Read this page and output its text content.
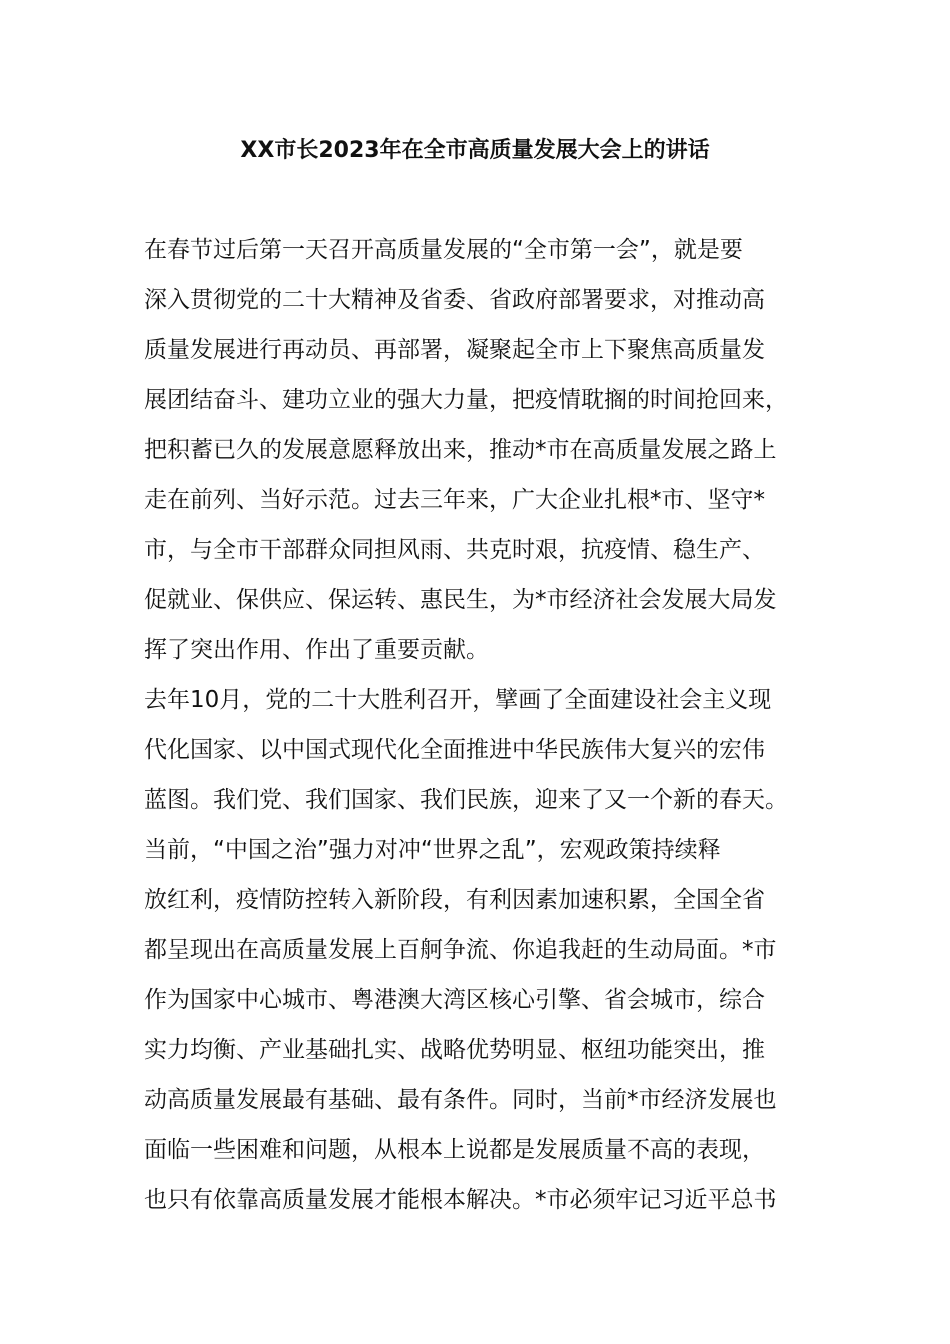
XX市长2023年在全市高质量发展大会上的讲话
在春节过后第一天召开高质量发展的“全市第一会”，就是要
深入贯彻党的二十大精神及省委、省政府部署要求，对推动高
质量发展进行再动员、再部署，凝聚起全市上下聚焦高质量发
展团结奋斗、建功立业的强大力量，把疫情耽搁的时间抢回来，
把积蓄已久的发展意愿释放出来，推动*市在高质量发展之路上
走在前列、当好示范。过去三年来，广大企业扎根*市、坚守*
市，与全市干部群众同担风雨、共克时艰，抗疫情、稳生产、
促就业、保供应、保运转、惠民生，为*市经济社会发展大局发
挥了突出作用、作出了重要贡献。
去年10月，党的二十大胜利召开，擘画了全面建设社会主义现
代化国家、以中国式现代化全面推进中华民族伟大复兴的宏伟
蓝图。我们党、我们国家、我们民族，迎来了又一个新的春天。
当前，“中国之治”强力对冲“世界之乱”，宏观政策持续释
放红利，疫情防控转入新阶段，有利因素加速积累，全国全省
都呈现出在高质量发展上百舸争流、你追我赶的生动局面。*市
作为国家中心城市、粤港澳大湾区核心引擎、省会城市，综合
实力均衡、产业基础扎实、战略优势明显、枢纽功能突出，推
动高质量发展最有基础、最有条件。同时，当前*市经济发展也
面临一些困难和问题，从根本上说都是发展质量不高的表现，
也只有依靠高质量发展才能根本解决。*市必须牢记习近平总书
